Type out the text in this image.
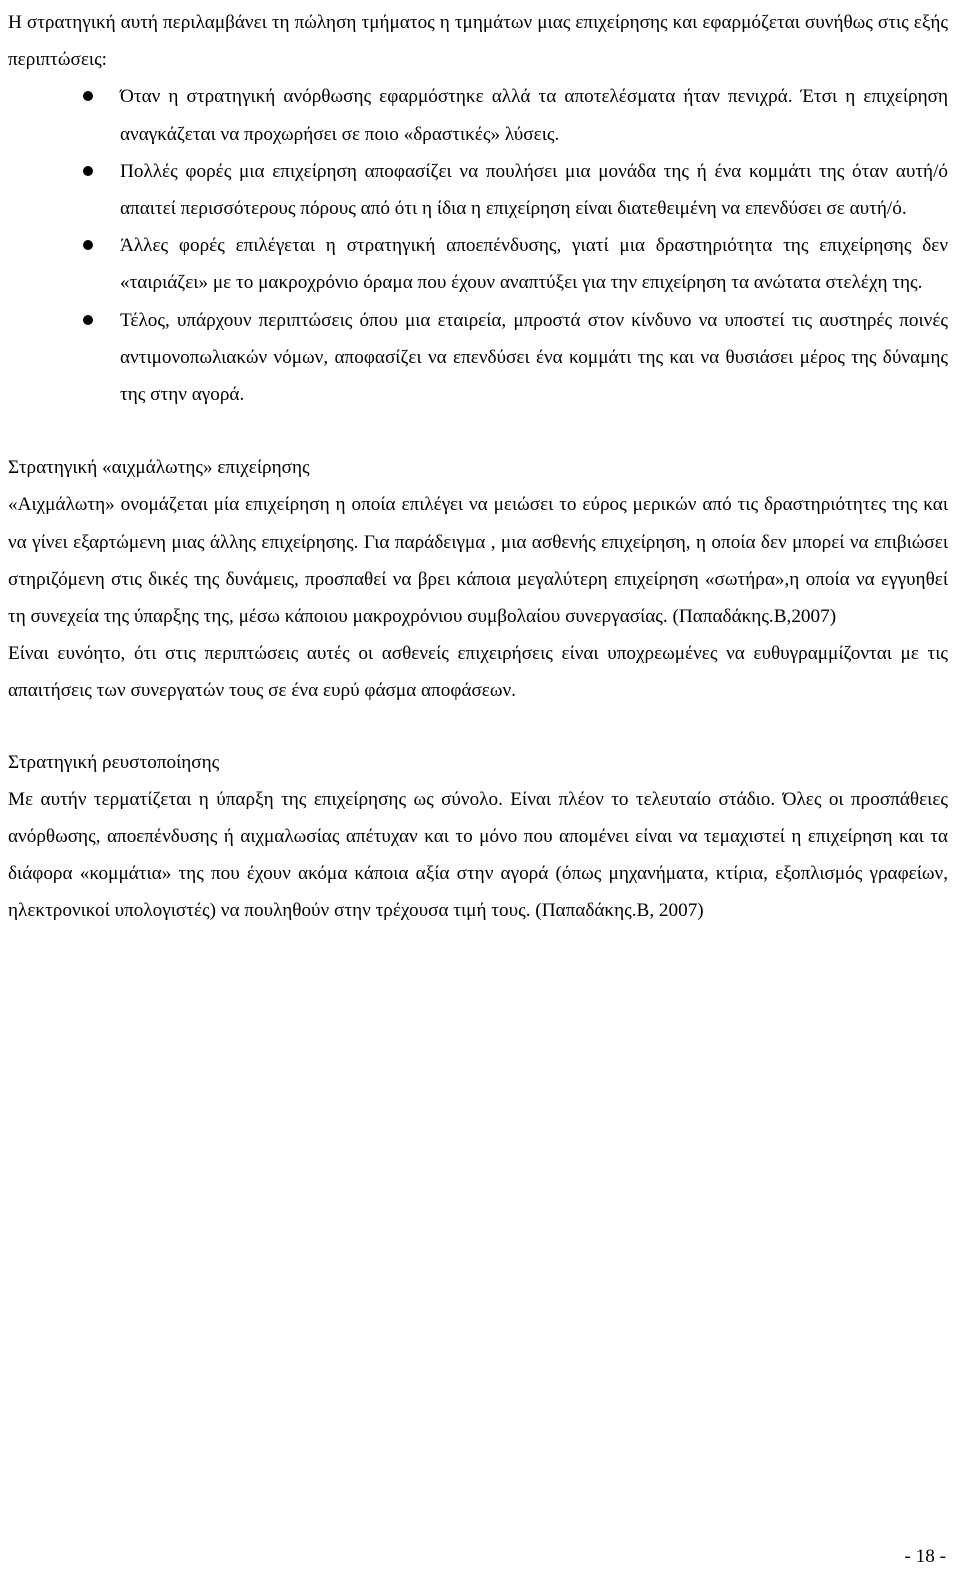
Η στρατηγική αυτή περιλαμβάνει τη πώληση τμήματος η τμημάτων μιας επιχείρησης και εφαρμόζεται συνήθως στις εξής περιπτώσεις:

Όταν η στρατηγική ανόρθωσης εφαρμόστηκε αλλά τα αποτελέσματα ήταν πενιχρά. Έτσι η επιχείρηση αναγκάζεται να προχωρήσει σε ποιο «δραστικές» λύσεις.
Πολλές φορές μια επιχείρηση αποφασίζει να πουλήσει μια μονάδα της ή ένα κομμάτι της όταν αυτή/ό απαιτεί περισσότερους πόρους από ότι η ίδια η επιχείρηση είναι διατεθειμένη να επενδύσει σε αυτή/ό.
Άλλες φορές επιλέγεται η στρατηγική αποεπένδυσης, γιατί μια δραστηριότητα της επιχείρησης δεν «ταιριάζει» με το μακροχρόνιο όραμα που έχουν αναπτύξει για την επιχείρηση τα ανώτατα στελέχη της.
Τέλος, υπάρχουν περιπτώσεις όπου μια εταιρεία, μπροστά στον κίνδυνο να υποστεί τις αυστηρές ποινές αντιμονοπωλιακών νόμων, αποφασίζει να επενδύσει ένα κομμάτι της και να θυσιάσει μέρος της δύναμης της στην αγορά.
Στρατηγική «αιχμάλωτης» επιχείρησης

«Αιχμάλωτη» ονομάζεται μία επιχείρηση η οποία επιλέγει να μειώσει το εύρος μερικών από τις δραστηριότητες της και να γίνει εξαρτώμενη μιας άλλης επιχείρησης. Για παράδειγμα , μια ασθενής επιχείρηση, η οποία δεν μπορεί να επιβιώσει στηριζόμενη στις δικές της δυνάμεις, προσπαθεί να βρει κάποια μεγαλύτερη επιχείρηση «σωτήρα»,η οποία να εγγυηθεί τη συνεχεία της ύπαρξης της, μέσω κάποιου μακροχρόνιου συμβολαίου συνεργασίας. (Παπαδάκης.Β,2007)

Είναι ευνόητο, ότι στις περιπτώσεις αυτές οι ασθενείς επιχειρήσεις είναι υποχρεωμένες να ευθυγραμμίζονται με τις απαιτήσεις των συνεργατών τους σε ένα ευρύ φάσμα αποφάσεων.

Στρατηγική ρευστοποίησης

Με αυτήν τερματίζεται η ύπαρξη της επιχείρησης ως σύνολο. Είναι πλέον το τελευταίο στάδιο. Όλες οι προσπάθειες ανόρθωσης, αποεπένδυσης ή αιχμαλωσίας απέτυχαν και το μόνο που απομένει είναι να τεμαχιστεί η επιχείρηση και τα διάφορα «κομμάτια» της που έχουν ακόμα κάποια αξία στην αγορά (όπως μηχανήματα, κτίρια, εξοπλισμός γραφείων, ηλεκτρονικοί υπολογιστές) να πουληθούν στην τρέχουσα τιμή τους. (Παπαδάκης.Β, 2007)

- 18 -
